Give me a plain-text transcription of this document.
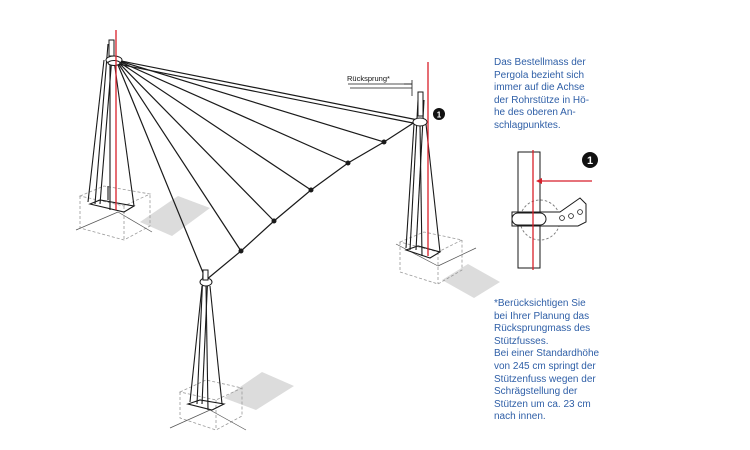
Rücksprung*
1
1
Das Bestellmass der
Pergola bezieht sich
immer auf die Achse
der Rohrstütze in Hö-
he des oberen An-
schlagpunktes.
*Berücksichtigen Sie
bei Ihrer Planung das
Rücksprungmass des
Stützfusses.
Bei einer Standardhöhe
von 245 cm springt der
Stützenfuss wegen der
Schrägstellung der
Stützen um ca. 23 cm
nach innen.
